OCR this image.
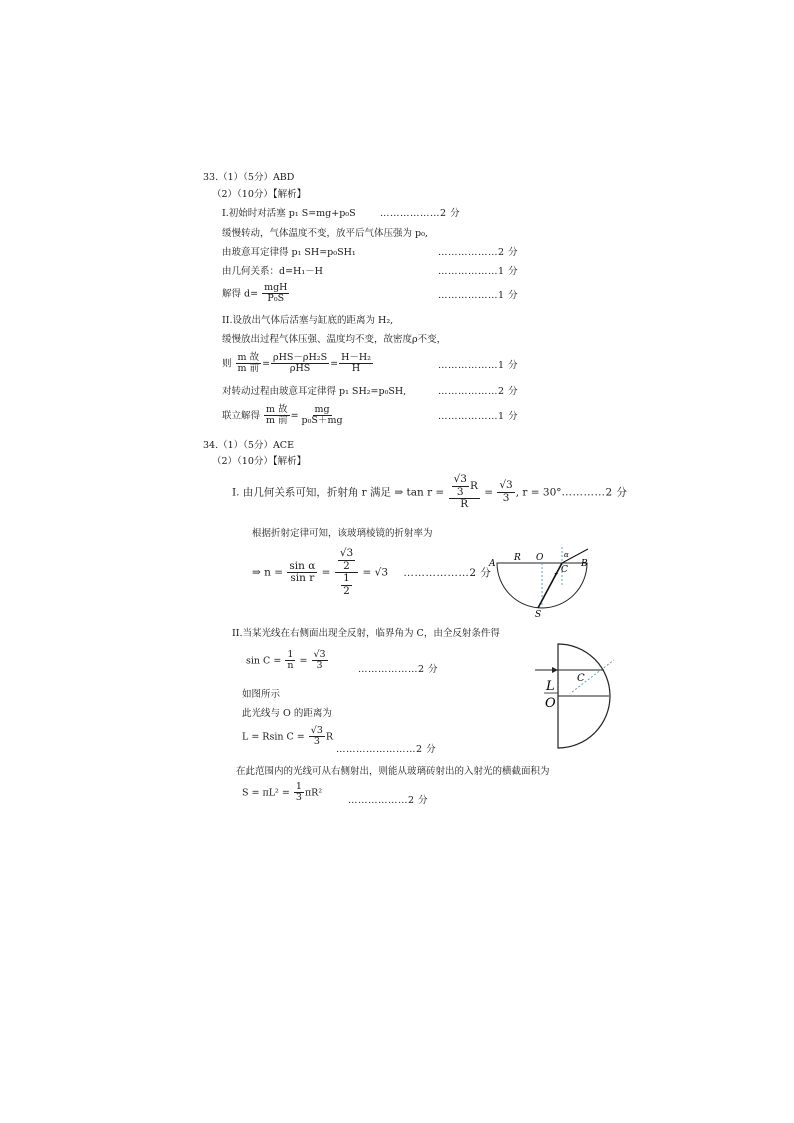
33.（1）（5分）ABD
（2）（10分）【解析】
I.初始时对活塞 p₁ S=mg+p₀S	………………2 分
缓慢转动，气体温度不变，放平后气体压强为 p₀,
由玻意耳定律得 p₁ SH=p₀SH₁	………………2 分
由几何关系：d=H₁－H	………………1 分
解得 $d= \frac{\text{mgH}}{\text{P₀S}}$	………………1 分
II.设放出气体后活塞与缸底的距离为 H₂,
缓慢放出过程气体压强、温度均不变，故密度ρ不变，
则 $\frac{\text{m 故}}{\text{m 前}} = \frac{\text{ρHS－ρH₂S}}{\text{ρHS}} = \frac{\text{H－H₂}}{H}$	………………1 分
对转动过程由玻意耳定律得 p₁ SH₂=p₀SH,	………………2 分
联立解得 $\frac{\text{m 故}}{\text{m 前}} = \frac{mg}{\text{p₀S＋mg}}$	………………1 分
34.（1）（5分）ACE
（2）（10分）【解析】
I. 由几何关系可知，折射角 r 满足 ⇒ $\tan r = \frac{\frac{√3}{3} R}{R} = \frac{√3}{3}$ , r = 30°…………2 分
根据折射定律可知，该玻璃棱镜的折射率为
⇒ $n = \frac{\text{sin α}}{\text{sin r}} = \frac{\frac{√3}{2}}{\frac{1}{2}} = √3$ ………………2 分
A
R O
B
C
S
α
r
II.当某光线在右侧面出现全反射，临界角为 C，由全反射条件得
$\sin C = \frac{1}{n} = \frac{√3}{3}$	………………2 分
如图所示
此光线与 O 的距离为
L = Rsin $C = \frac{√3}{3}$ R
……………………2 分
在此范围内的光线可从右侧射出，则能从玻璃砖射出的入射光的横截面积为
$S = \pi L^2 = \frac{1}{3} \pi R^2$
………………2 分
L
O
C
